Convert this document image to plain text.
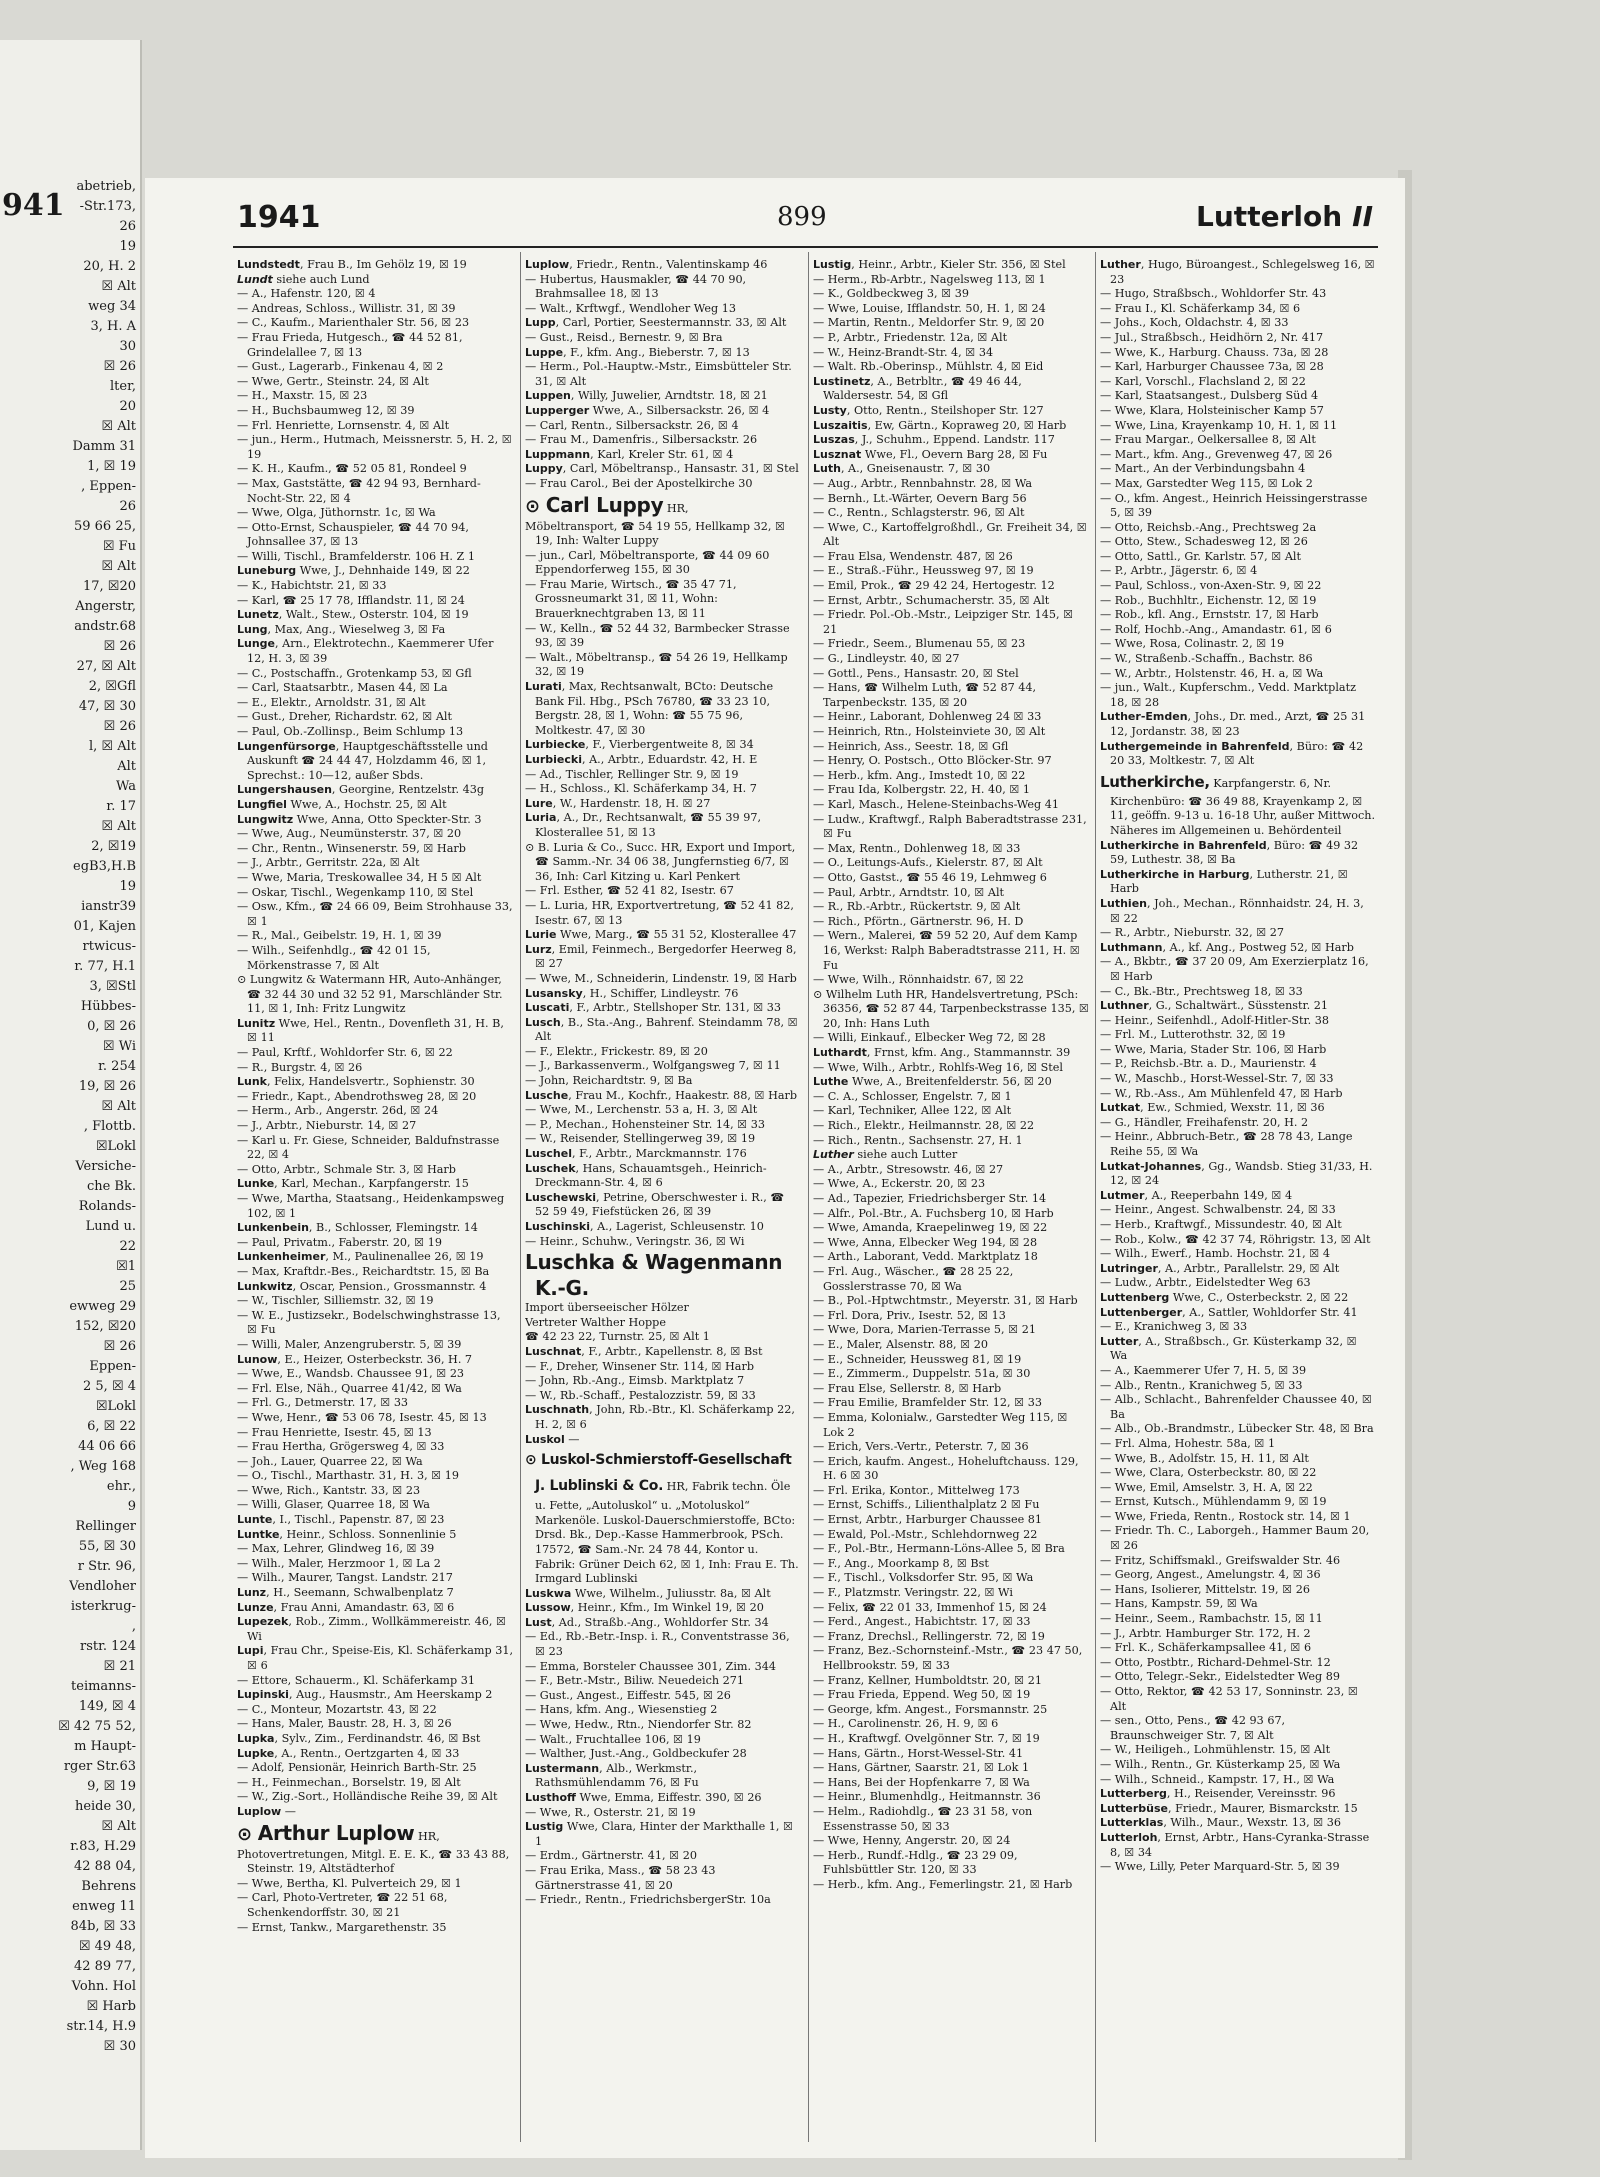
941
abetrieb,
-Str.173,
26
19
20, H. 2
☒ Alt
weg 34
3, H. A
30
☒ 26
lter,
20
☒ Alt
Damm 31
1, ☒ 19
, Eppen-
26
59 66 25,
☒ Fu
☒ Alt
17, ☒20
Angerstr,
andstr.68
☒ 26
27, ☒ Alt
2, ☒Gfl
47, ☒ 30
☒ 26
l, ☒ Alt
Alt
Wa
r. 17
☒ Alt
2, ☒19
egB3,H.B
19
ianstr39
01, Kajen
rtwicus-
r. 77, H.1
3, ☒Stl
Hübbes-
0, ☒ 26
☒ Wi
r. 254
19, ☒ 26
☒ Alt
, Flottb.
☒Lokl
Versiche-
che Bk.
Rolands-
Lund u.
22
☒1
25
ewweg 29
152, ☒20
☒ 26
Eppen-
2 5, ☒ 4
☒Lokl
6, ☒ 22
44 06 66
, Weg 168
ehr.,
9
Rellinger
55, ☒ 30
r Str. 96,
Vendloher
isterkrug-
,
rstr. 124
☒ 21
teimanns-
149, ☒ 4
☒ 42 75 52,
m Haupt-
rger Str.63
9, ☒ 19
heide 30,
☒ Alt
r.83, H.29
42 88 04,
Behrens
enweg 11
84b, ☒ 33
☒ 49 48,
42 89 77,
Vohn. Hol
☒ Harb
str.14, H.9
☒ 30
1941	899	Lutterloh II

Lundstedt, Frau B., Im Gehölz 19, ☒ 19

Lundt siehe auch Lund

— A., Hafenstr. 120, ☒ 4

— Andreas, Schloss., Willistr. 31, ☒ 39

— C., Kaufm., Marienthaler Str. 56, ☒ 23

— Frau Frieda, Hutgesch., ☎ 44 52 81, Grindelallee 7, ☒ 13

— Gust., Lagerarb., Finkenau 4, ☒ 2

— Wwe, Gertr., Steinstr. 24, ☒ Alt

— H., Maxstr. 15, ☒ 23

— H., Buchsbaumweg 12, ☒ 39

— Frl. Henriette, Lornsenstr. 4, ☒ Alt

— jun., Herm., Hutmach, Meissnerstr. 5, H. 2, ☒ 19

— K. H., Kaufm., ☎ 52 05 81, Rondeel 9

— Max, Gaststätte, ☎ 42 94 93, Bernhard-Nocht-Str. 22, ☒ 4

— Wwe, Olga, Jüthornstr. 1c, ☒ Wa

— Otto-Ernst, Schauspieler, ☎ 44 70 94, Johnsallee 37, ☒ 13

— Willi, Tischl., Bramfelderstr. 106 H. Z 1

Luneburg Wwe, J., Dehnhaide 149, ☒ 22

— K., Habichtstr. 21, ☒ 33

— Karl, ☎ 25 17 78, Ifflandstr. 11, ☒ 24

Lunetz, Walt., Stew., Osterstr. 104, ☒ 19

Lung, Max, Ang., Wieselweg 3, ☒ Fa

Lunge, Arn., Elektrotechn., Kaemmerer Ufer 12, H. 3, ☒ 39

— C., Postschaffn., Grotenkamp 53, ☒ Gfl

— Carl, Staatsarbtr., Masen 44, ☒ La

— E., Elektr., Arnoldstr. 31, ☒ Alt

— Gust., Dreher, Richardstr. 62, ☒ Alt

— Paul, Ob.-Zollinsp., Beim Schlump 13

Lungenfürsorge, Hauptgeschäftsstelle und Auskunft ☎ 24 44 47, Holzdamm 46, ☒ 1, Sprechst.: 10—12, außer Sbds.

Lungershausen, Georgine, Rentzelstr. 43g

Lungfiel Wwe, A., Hochstr. 25, ☒ Alt

Lungwitz Wwe, Anna, Otto Speckter-Str. 3

— Wwe, Aug., Neumünsterstr. 37, ☒ 20

— Chr., Rentn., Winsenerstr. 59, ☒ Harb

— J., Arbtr., Gerritstr. 22a, ☒ Alt

— Wwe, Maria, Treskowallee 34, H 5 ☒ Alt

— Oskar, Tischl., Wegenkamp 110, ☒ Stel

— Osw., Kfm., ☎ 24 66 09, Beim Strohhause 33, ☒ 1

— R., Mal., Geibelstr. 19, H. 1, ☒ 39

— Wilh., Seifenhdlg., ☎ 42 01 15, Mörkenstrasse 7, ☒ Alt

⊙ Lungwitz & Watermann HR, Auto-Anhänger, ☎ 32 44 30 und 32 52 91, Marschländer Str. 11, ☒ 1, Inh: Fritz Lungwitz

Lunitz Wwe, Hel., Rentn., Dovenfleth 31, H. B, ☒ 11

— Paul, Krftf., Wohldorfer Str. 6, ☒ 22

— R., Burgstr. 4, ☒ 26

Lunk, Felix, Handelsvertr., Sophienstr. 30

— Friedr., Kapt., Abendrothsweg 28, ☒ 20

— Herm., Arb., Angerstr. 26d, ☒ 24

— J., Arbtr., Nieburstr. 14, ☒ 27

— Karl u. Fr. Giese, Schneider, Baldufnstrasse 22, ☒ 4

— Otto, Arbtr., Schmale Str. 3, ☒ Harb

Lunke, Karl, Mechan., Karpfangerstr. 15

— Wwe, Martha, Staatsang., Heidenkampsweg 102, ☒ 1

Lunkenbein, B., Schlosser, Flemingstr. 14

— Paul, Privatm., Faberstr. 20, ☒ 19

Lunkenheimer, M., Paulinenallee 26, ☒ 19

— Max, Kraftdr.-Bes., Reichardtstr. 15, ☒ Ba

Lunkwitz, Oscar, Pension., Grossmannstr. 4

— W., Tischler, Silliemstr. 32, ☒ 19

— W. E., Justizsekr., Bodelschwinghstrasse 13, ☒ Fu

— Willi, Maler, Anzengruberstr. 5, ☒ 39

Lunow, E., Heizer, Osterbeckstr. 36, H. 7

— Wwe, E., Wandsb. Chaussee 91, ☒ 23

— Frl. Else, Näh., Quarree 41/42, ☒ Wa

— Frl. G., Detmerstr. 17, ☒ 33

— Wwe, Henr., ☎ 53 06 78, Isestr. 45, ☒ 13

— Frau Henriette, Isestr. 45, ☒ 13

— Frau Hertha, Grögersweg 4, ☒ 33

— Joh., Lauer, Quarree 22, ☒ Wa

— O., Tischl., Marthastr. 31, H. 3, ☒ 19

— Wwe, Rich., Kantstr. 33, ☒ 23

— Willi, Glaser, Quarree 18, ☒ Wa

Lunte, I., Tischl., Papenstr. 87, ☒ 23

Luntke, Heinr., Schloss. Sonnenlinie 5

— Max, Lehrer, Glindweg 16, ☒ 39

— Wilh., Maler, Herzmoor 1, ☒ La 2

— Wilh., Maurer, Tangst. Landstr. 217

Lunz, H., Seemann, Schwalbenplatz 7

Lunze, Frau Anni, Amandastr. 63, ☒ 6

Lupezek, Rob., Zimm., Wollkämmereistr. 46, ☒ Wi

Lupi, Frau Chr., Speise-Eis, Kl. Schäferkamp 31, ☒ 6

— Ettore, Schauerm., Kl. Schäferkamp 31

Lupinski, Aug., Hausmstr., Am Heerskamp 2

— C., Monteur, Mozartstr. 43, ☒ 22

— Hans, Maler, Baustr. 28, H. 3, ☒ 26

Lupka, Sylv., Zim., Ferdinandstr. 46, ☒ Bst

Lupke, A., Rentn., Oertzgarten 4, ☒ 33

— Adolf, Pensionär, Heinrich Barth-Str. 25

— H., Feinmechan., Borselstr. 19, ☒ Alt

— W., Zig.-Sort., Holländische Reihe 39, ☒ Alt

Luplow —

⊙ Arthur Luplow HR,

Photovertretungen, Mitgl. E. E. K., ☎ 33 43 88, Steinstr. 19, Altstädterhof

— Wwe, Bertha, Kl. Pulverteich 29, ☒ 1

— Carl, Photo-Vertreter, ☎ 22 51 68, Schenkendorffstr. 30, ☒ 21

— Ernst, Tankw., Margarethenstr. 35

Luplow, Friedr., Rentn., Valentinskamp 46

— Hubertus, Hausmakler, ☎ 44 70 90, Brahmsallee 18, ☒ 13

— Walt., Krftwgf., Wendloher Weg 13

Lupp, Carl, Portier, Seestermannstr. 33, ☒ Alt

— Gust., Reisd., Bernestr. 9, ☒ Bra

Luppe, F., kfm. Ang., Bieberstr. 7, ☒ 13

— Herm., Pol.-Hauptw.-Mstr., Eimsbütteler Str. 31, ☒ Alt

Luppen, Willy, Juwelier, Arndtstr. 18, ☒ 21

Lupperger Wwe, A., Silbersackstr. 26, ☒ 4

— Carl, Rentn., Silbersackstr. 26, ☒ 4

— Frau M., Damenfris., Silbersackstr. 26

Luppmann, Karl, Kreler Str. 61, ☒ 4

Luppy, Carl, Möbeltransp., Hansastr. 31, ☒ Stel

— Frau Carol., Bei der Apostelkirche 30

⊙ Carl Luppy HR,

Möbeltransport, ☎ 54 19 55, Hellkamp 32, ☒ 19, Inh: Walter Luppy

— jun., Carl, Möbeltransporte, ☎ 44 09 60 Eppendorferweg 155, ☒ 30

— Frau Marie, Wirtsch., ☎ 35 47 71, Grossneumarkt 31, ☒ 11, Wohn: Brauerknechtgraben 13, ☒ 11

— W., Kelln., ☎ 52 44 32, Barmbecker Strasse 93, ☒ 39

— Walt., Möbeltransp., ☎ 54 26 19, Hellkamp 32, ☒ 19

Lurati, Max, Rechtsanwalt, BCto: Deutsche Bank Fil. Hbg., PSch 76780, ☎ 33 23 10, Bergstr. 28, ☒ 1, Wohn: ☎ 55 75 96, Moltkestr. 47, ☒ 30

Lurbiecke, F., Vierbergentweite 8, ☒ 34

Lurbiecki, A., Arbtr., Eduardstr. 42, H. E

— Ad., Tischler, Rellinger Str. 9, ☒ 19

— H., Schloss., Kl. Schäferkamp 34, H. 7

Lure, W., Hardenstr. 18, H. ☒ 27

Luria, A., Dr., Rechtsanwalt, ☎ 55 39 97, Klosterallee 51, ☒ 13

⊙ B. Luria & Co., Succ. HR, Export und Import, ☎ Samm.-Nr. 34 06 38, Jungfernstieg 6/7, ☒ 36, Inh: Carl Kitzing u. Karl Penkert

— Frl. Esther, ☎ 52 41 82, Isestr. 67

— L. Luria, HR, Exportvertretung, ☎ 52 41 82, Isestr. 67, ☒ 13

Lurie Wwe, Marg., ☎ 55 31 52, Klosterallee 47

Lurz, Emil, Feinmech., Bergedorfer Heerweg 8, ☒ 27

— Wwe, M., Schneiderin, Lindenstr. 19, ☒ Harb

Lusansky, H., Schiffer, Lindleystr. 76

Luscati, F., Arbtr., Stellshoper Str. 131, ☒ 33

Lusch, B., Sta.-Ang., Bahrenf. Steindamm 78, ☒ Alt

— F., Elektr., Frickestr. 89, ☒ 20

— J., Barkassenverm., Wolfgangsweg 7, ☒ 11

— John, Reichardtstr. 9, ☒ Ba

Lusche, Frau M., Kochfr., Haakestr. 88, ☒ Harb

— Wwe, M., Lerchenstr. 53 a, H. 3, ☒ Alt

— P., Mechan., Hohensteiner Str. 14, ☒ 33

— W., Reisender, Stellingerweg 39, ☒ 19

Luschel, F., Arbtr., Marckmannstr. 176

Luschek, Hans, Schauamtsgeh., Heinrich-Dreckmann-Str. 4, ☒ 6

Luschewski, Petrine, Oberschwester i. R., ☎ 52 59 49, Fiefstücken 26, ☒ 39

Luschinski, A., Lagerist, Schleusenstr. 10

— Heinr., Schuhw., Veringstr. 36, ☒ Wi

Luschka & Wagenmann K.-G.

Import überseeischer Hölzer

Vertreter Walther Hoppe

☎ 42 23 22, Turnstr. 25, ☒ Alt 1

Luschnat, F., Arbtr., Kapellenstr. 8, ☒ Bst

— F., Dreher, Winsener Str. 114, ☒ Harb

— John, Rb.-Ang., Eimsb. Marktplatz 7

— W., Rb.-Schaff., Pestalozzistr. 59, ☒ 33

Luschnath, John, Rb.-Btr., Kl. Schäferkamp 22, H. 2, ☒ 6

Luskol —

⊙ Luskol-Schmierstoff-Gesellschaft J. Lublinski & Co. HR, Fabrik techn. Öle u. Fette, „Autoluskol“ u. „Motoluskol“ Markenöle. Luskol-Dauerschmierstoffe, BCto: Drsd. Bk., Dep.-Kasse Hammerbrook, PSch. 17572, ☎ Sam.-Nr. 24 78 44, Kontor u. Fabrik: Grüner Deich 62, ☒ 1, Inh: Frau E. Th. Irmgard Lublinski

Luskwa Wwe, Wilhelm., Juliusstr. 8a, ☒ Alt

Lussow, Heinr., Kfm., Im Winkel 19, ☒ 20

Lust, Ad., Straßb.-Ang., Wohldorfer Str. 34

— Ed., Rb.-Betr.-Insp. i. R., Conventstrasse 36, ☒ 23

— Emma, Borsteler Chaussee 301, Zim. 344

— F., Betr.-Mstr., Biliw. Neuedeich 271

— Gust., Angest., Eiffestr. 545, ☒ 26

— Hans, kfm. Ang., Wiesenstieg 2

— Wwe, Hedw., Rtn., Niendorfer Str. 82

— Walt., Fruchtallee 106, ☒ 19

— Walther, Just.-Ang., Goldbeckufer 28

Lustermann, Alb., Werkmstr., Rathsmühlendamm 76, ☒ Fu

Lusthoff Wwe, Emma, Eiffestr. 390, ☒ 26

— Wwe, R., Osterstr. 21, ☒ 19

Lustig Wwe, Clara, Hinter der Markthalle 1, ☒ 1

— Erdm., Gärtnerstr. 41, ☒ 20

— Frau Erika, Mass., ☎ 58 23 43 Gärtnerstrasse 41, ☒ 20

— Friedr., Rentn., FriedrichsbergerStr. 10a

Lustig, Heinr., Arbtr., Kieler Str. 356, ☒ Stel

— Herm., Rb-Arbtr., Nagelsweg 113, ☒ 1

— K., Goldbeckweg 3, ☒ 39

— Wwe, Louise, Ifflandstr. 50, H. 1, ☒ 24

— Martin, Rentn., Meldorfer Str. 9, ☒ 20

— P., Arbtr., Friedenstr. 12a, ☒ Alt

— W., Heinz-Brandt-Str. 4, ☒ 34

— Walt. Rb.-Oberinsp., Mühlstr. 4, ☒ Eid

Lustinetz, A., Betrbltr., ☎ 49 46 44, Waldersestr. 54, ☒ Gfl

Lusty, Otto, Rentn., Steilshoper Str. 127

Luszaitis, Ew, Gärtn., Kopraweg 20, ☒ Harb

Luszas, J., Schuhm., Eppend. Landstr. 117

Lusznat Wwe, Fl., Oevern Barg 28, ☒ Fu

Luth, A., Gneisenaustr. 7, ☒ 30

— Aug., Arbtr., Rennbahnstr. 28, ☒ Wa

— Bernh., Lt.-Wärter, Oevern Barg 56

— C., Rentn., Schlagsterstr. 96, ☒ Alt

— Wwe, C., Kartoffelgroßhdl., Gr. Freiheit 34, ☒ Alt

— Frau Elsa, Wendenstr. 487, ☒ 26

— E., Straß.-Führ., Heussweg 97, ☒ 19

— Emil, Prok., ☎ 29 42 24, Hertogestr. 12

— Ernst, Arbtr., Schumacherstr. 35, ☒ Alt

— Friedr. Pol.-Ob.-Mstr., Leipziger Str. 145, ☒ 21

— Friedr., Seem., Blumenau 55, ☒ 23

— G., Lindleystr. 40, ☒ 27

— Gottl., Pens., Hansastr. 20, ☒ Stel

— Hans, ☎ Wilhelm Luth, ☎ 52 87 44, Tarpenbeckstr. 135, ☒ 20

— Heinr., Laborant, Dohlenweg 24 ☒ 33

— Heinrich, Rtn., Holsteinviete 30, ☒ Alt

— Heinrich, Ass., Seestr. 18, ☒ Gfl

— Henry, O. Postsch., Otto Blöcker-Str. 97

— Herb., kfm. Ang., Imstedt 10, ☒ 22

— Frau Ida, Kolbergstr. 22, H. 40, ☒ 1

— Karl, Masch., Helene-Steinbachs-Weg 41

— Ludw., Kraftwgf., Ralph Baberadtstrasse 231, ☒ Fu

— Max, Rentn., Dohlenweg 18, ☒ 33

— O., Leitungs-Aufs., Kielerstr. 87, ☒ Alt

— Otto, Gastst., ☎ 55 46 19, Lehmweg 6

— Paul, Arbtr., Arndtstr. 10, ☒ Alt

— R., Rb.-Arbtr., Rückertstr. 9, ☒ Alt

— Rich., Pförtn., Gärtnerstr. 96, H. D

— Wern., Malerei, ☎ 59 52 20, Auf dem Kamp 16, Werkst: Ralph Baberadtstrasse 211, H. ☒ Fu

— Wwe, Wilh., Rönnhaidstr. 67, ☒ 22

⊙ Wilhelm Luth HR, Handelsvertretung, PSch: 36356, ☎ 52 87 44, Tarpenbeckstrasse 135, ☒ 20, Inh: Hans Luth

— Willi, Einkauf., Elbecker Weg 72, ☒ 28

Luthardt, Frnst, kfm. Ang., Stammannstr. 39

— Wwe, Wilh., Arbtr., Rohlfs-Weg 16, ☒ Stel

Luthe Wwe, A., Breitenfelderstr. 56, ☒ 20

— C. A., Schlosser, Engelstr. 7, ☒ 1

— Karl, Techniker, Allee 122, ☒ Alt

— Rich., Elektr., Heilmannstr. 28, ☒ 22

— Rich., Rentn., Sachsenstr. 27, H. 1

Luther siehe auch Lutter

— A., Arbtr., Stresowstr. 46, ☒ 27

— Wwe, A., Eckerstr. 20, ☒ 23

— Ad., Tapezier, Friedrichsberger Str. 14

— Alfr., Pol.-Btr., A. Fuchsberg 10, ☒ Harb

— Wwe, Amanda, Kraepelinweg 19, ☒ 22

— Wwe, Anna, Elbecker Weg 194, ☒ 28

— Arth., Laborant, Vedd. Marktplatz 18

— Frl. Aug., Wäscher., ☎ 28 25 22, Gosslerstrasse 70, ☒ Wa

— B., Pol.-Hptwchtmstr., Meyerstr. 31, ☒ Harb

— Frl. Dora, Priv., Isestr. 52, ☒ 13

— Wwe, Dora, Marien-Terrasse 5, ☒ 21

— E., Maler, Alsenstr. 88, ☒ 20

— E., Schneider, Heussweg 81, ☒ 19

— E., Zimmerm., Duppelstr. 51a, ☒ 30

— Frau Else, Sellerstr. 8, ☒ Harb

— Frau Emilie, Bramfelder Str. 12, ☒ 33

— Emma, Kolonialw., Garstedter Weg 115, ☒ Lok 2

— Erich, Vers.-Vertr., Peterstr. 7, ☒ 36

— Erich, kaufm. Angest., Hoheluftchauss. 129, H. 6 ☒ 30

— Frl. Erika, Kontor., Mittelweg 173

— Ernst, Schiffs., Lilienthalplatz 2 ☒ Fu

— Ernst, Arbtr., Harburger Chaussee 81

— Ewald, Pol.-Mstr., Schlehdornweg 22

— F., Pol.-Btr., Hermann-Löns-Allee 5, ☒ Bra

— F., Ang., Moorkamp 8, ☒ Bst

— F., Tischl., Volksdorfer Str. 95, ☒ Wa

— F., Platzmstr. Veringstr. 22, ☒ Wi

— Felix, ☎ 22 01 33, Immenhof 15, ☒ 24

— Ferd., Angest., Habichtstr. 17, ☒ 33

— Franz, Drechsl., Rellingerstr. 72, ☒ 19

— Franz, Bez.-Schornsteinf.-Mstr., ☎ 23 47 50, Hellbrookstr. 59, ☒ 33

— Franz, Kellner, Humboldtstr. 20, ☒ 21

— Frau Frieda, Eppend. Weg 50, ☒ 19

— George, kfm. Angest., Forsmannstr. 25

— H., Carolinenstr. 26, H. 9, ☒ 6

— H., Kraftwgf. Ovelgönner Str. 7, ☒ 19

— Hans, Gärtn., Horst-Wessel-Str. 41

— Hans, Gärtner, Saarstr. 21, ☒ Lok 1

— Hans, Bei der Hopfenkarre 7, ☒ Wa

— Heinr., Blumenhdlg., Heitmannstr. 36

— Helm., Radiohdlg., ☎ 23 31 58, von Essenstrasse 50, ☒ 33

— Wwe, Henny, Angerstr. 20, ☒ 24

— Herb., Rundf.-Hdlg., ☎ 23 29 09, Fuhlsbüttler Str. 120, ☒ 33

— Herb., kfm. Ang., Femerlingstr. 21, ☒ Harb

Luther, Hugo, Büroangest., Schlegelsweg 16, ☒ 23

— Hugo, Straßbsch., Wohldorfer Str. 43

— Frau I., Kl. Schäferkamp 34, ☒ 6

— Johs., Koch, Oldachstr. 4, ☒ 33

— Jul., Straßbsch., Heidhörn 2, Nr. 417

— Wwe, K., Harburg. Chauss. 73a, ☒ 28

— Karl, Harburger Chaussee 73a, ☒ 28

— Karl, Vorschl., Flachsland 2, ☒ 22

— Karl, Staatsangest., Dulsberg Süd 4

— Wwe, Klara, Holsteinischer Kamp 57

— Wwe, Lina, Krayenkamp 10, H. 1, ☒ 11

— Frau Margar., Oelkersallee 8, ☒ Alt

— Mart., kfm. Ang., Grevenweg 47, ☒ 26

— Mart., An der Verbindungsbahn 4

— Max, Garstedter Weg 115, ☒ Lok 2

— O., kfm. Angest., Heinrich Heissingerstrasse 5, ☒ 39

— Otto, Reichsb.-Ang., Prechtsweg 2a

— Otto, Stew., Schadesweg 12, ☒ 26

— Otto, Sattl., Gr. Karlstr. 57, ☒ Alt

— P., Arbtr., Jägerstr. 6, ☒ 4

— Paul, Schloss., von-Axen-Str. 9, ☒ 22

— Rob., Buchhltr., Eichenstr. 12, ☒ 19

— Rob., kfl. Ang., Ernststr. 17, ☒ Harb

— Rolf, Hochb.-Ang., Amandastr. 61, ☒ 6

— Wwe, Rosa, Colinastr. 2, ☒ 19

— W., Straßenb.-Schaffn., Bachstr. 86

— W., Arbtr., Holstenstr. 46, H. a, ☒ Wa

— jun., Walt., Kupferschm., Vedd. Marktplatz 18, ☒ 28

Luther-Emden, Johs., Dr. med., Arzt, ☎ 25 31 12, Jordanstr. 38, ☒ 23

Luthergemeinde in Bahrenfeld, Büro: ☎ 42 20 33, Moltkestr. 7, ☒ Alt

Lutherkirche, Karpfangerstr. 6, Nr. Kirchenbüro: ☎ 36 49 88, Krayenkamp 2, ☒ 11, geöffn. 9-13 u. 16-18 Uhr, außer Mittwoch. Näheres im Allgemeinen u. Behördenteil

Lutherkirche in Bahrenfeld, Büro: ☎ 49 32 59, Luthestr. 38, ☒ Ba

Lutherkirche in Harburg, Lutherstr. 21, ☒ Harb

Luthien, Joh., Mechan., Rönnhaidstr. 24, H. 3, ☒ 22

— R., Arbtr., Nieburstr. 32, ☒ 27

Luthmann, A., kf. Ang., Postweg 52, ☒ Harb

— A., Bkbtr., ☎ 37 20 09, Am Exerzierplatz 16, ☒ Harb

— C., Bk.-Btr., Prechtsweg 18, ☒ 33

Luthner, G., Schaltwärt., Süsstenstr. 21

— Heinr., Seifenhdl., Adolf-Hitler-Str. 38

— Frl. M., Lutterothstr. 32, ☒ 19

— Wwe, Maria, Stader Str. 106, ☒ Harb

— P., Reichsb.-Btr. a. D., Maurienstr. 4

— W., Maschb., Horst-Wessel-Str. 7, ☒ 33

— W., Rb.-Ass., Am Mühlenfeld 47, ☒ Harb

Lutkat, Ew., Schmied, Wexstr. 11, ☒ 36

— G., Händler, Freihafenstr. 20, H. 2

— Heinr., Abbruch-Betr., ☎ 28 78 43, Lange Reihe 55, ☒ Wa

Lutkat-Johannes, Gg., Wandsb. Stieg 31/33, H. 12, ☒ 24

Lutmer, A., Reeperbahn 149, ☒ 4

— Heinr., Angest. Schwalbenstr. 24, ☒ 33

— Herb., Kraftwgf., Missundestr. 40, ☒ Alt

— Rob., Kolw., ☎ 42 37 74, Röhrigstr. 13, ☒ Alt

— Wilh., Ewerf., Hamb. Hochstr. 21, ☒ 4

Lutringer, A., Arbtr., Parallelstr. 29, ☒ Alt

— Ludw., Arbtr., Eidelstedter Weg 63

Luttenberg Wwe, C., Osterbeckstr. 2, ☒ 22

Luttenberger, A., Sattler, Wohldorfer Str. 41

— E., Kranichweg 3, ☒ 33

Lutter, A., Straßbsch., Gr. Küsterkamp 32, ☒ Wa

— A., Kaemmerer Ufer 7, H. 5, ☒ 39

— Alb., Rentn., Kranichweg 5, ☒ 33

— Alb., Schlacht., Bahrenfelder Chaussee 40, ☒ Ba

— Alb., Ob.-Brandmstr., Lübecker Str. 48, ☒ Bra

— Frl. Alma, Hohestr. 58a, ☒ 1

— Wwe, B., Adolfstr. 15, H. 11, ☒ Alt

— Wwe, Clara, Osterbeckstr. 80, ☒ 22

— Wwe, Emil, Amselstr. 3, H. A, ☒ 22

— Ernst, Kutsch., Mühlendamm 9, ☒ 19

— Wwe, Frieda, Rentn., Rostock str. 14, ☒ 1

— Friedr. Th. C., Laborgeh., Hammer Baum 20, ☒ 26

— Fritz, Schiffsmakl., Greifswalder Str. 46

— Georg, Angest., Amelungstr. 4, ☒ 36

— Hans, Isolierer, Mittelstr. 19, ☒ 26

— Hans, Kampstr. 59, ☒ Wa

— Heinr., Seem., Rambachstr. 15, ☒ 11

— J., Arbtr. Hamburger Str. 172, H. 2

— Frl. K., Schäferkampsallee 41, ☒ 6

— Otto, Postbtr., Richard-Dehmel-Str. 12

— Otto, Telegr.-Sekr., Eidelstedter Weg 89

— Otto, Rektor, ☎ 42 53 17, Sonninstr. 23, ☒ Alt

— sen., Otto, Pens., ☎ 42 93 67, Braunschweiger Str. 7, ☒ Alt

— W., Heiligeh., Lohmühlenstr. 15, ☒ Alt

— Wilh., Rentn., Gr. Küsterkamp 25, ☒ Wa

— Wilh., Schneid., Kampstr. 17, H., ☒ Wa

Lutterberg, H., Reisender, Vereinsstr. 96

Lutterbüse, Friedr., Maurer, Bismarckstr. 15

Lutterklas, Wilh., Maur., Wexstr. 13, ☒ 36

Lutterloh, Ernst, Arbtr., Hans-Cyranka-Strasse 8, ☒ 34

— Wwe, Lilly, Peter Marquard-Str. 5, ☒ 39
